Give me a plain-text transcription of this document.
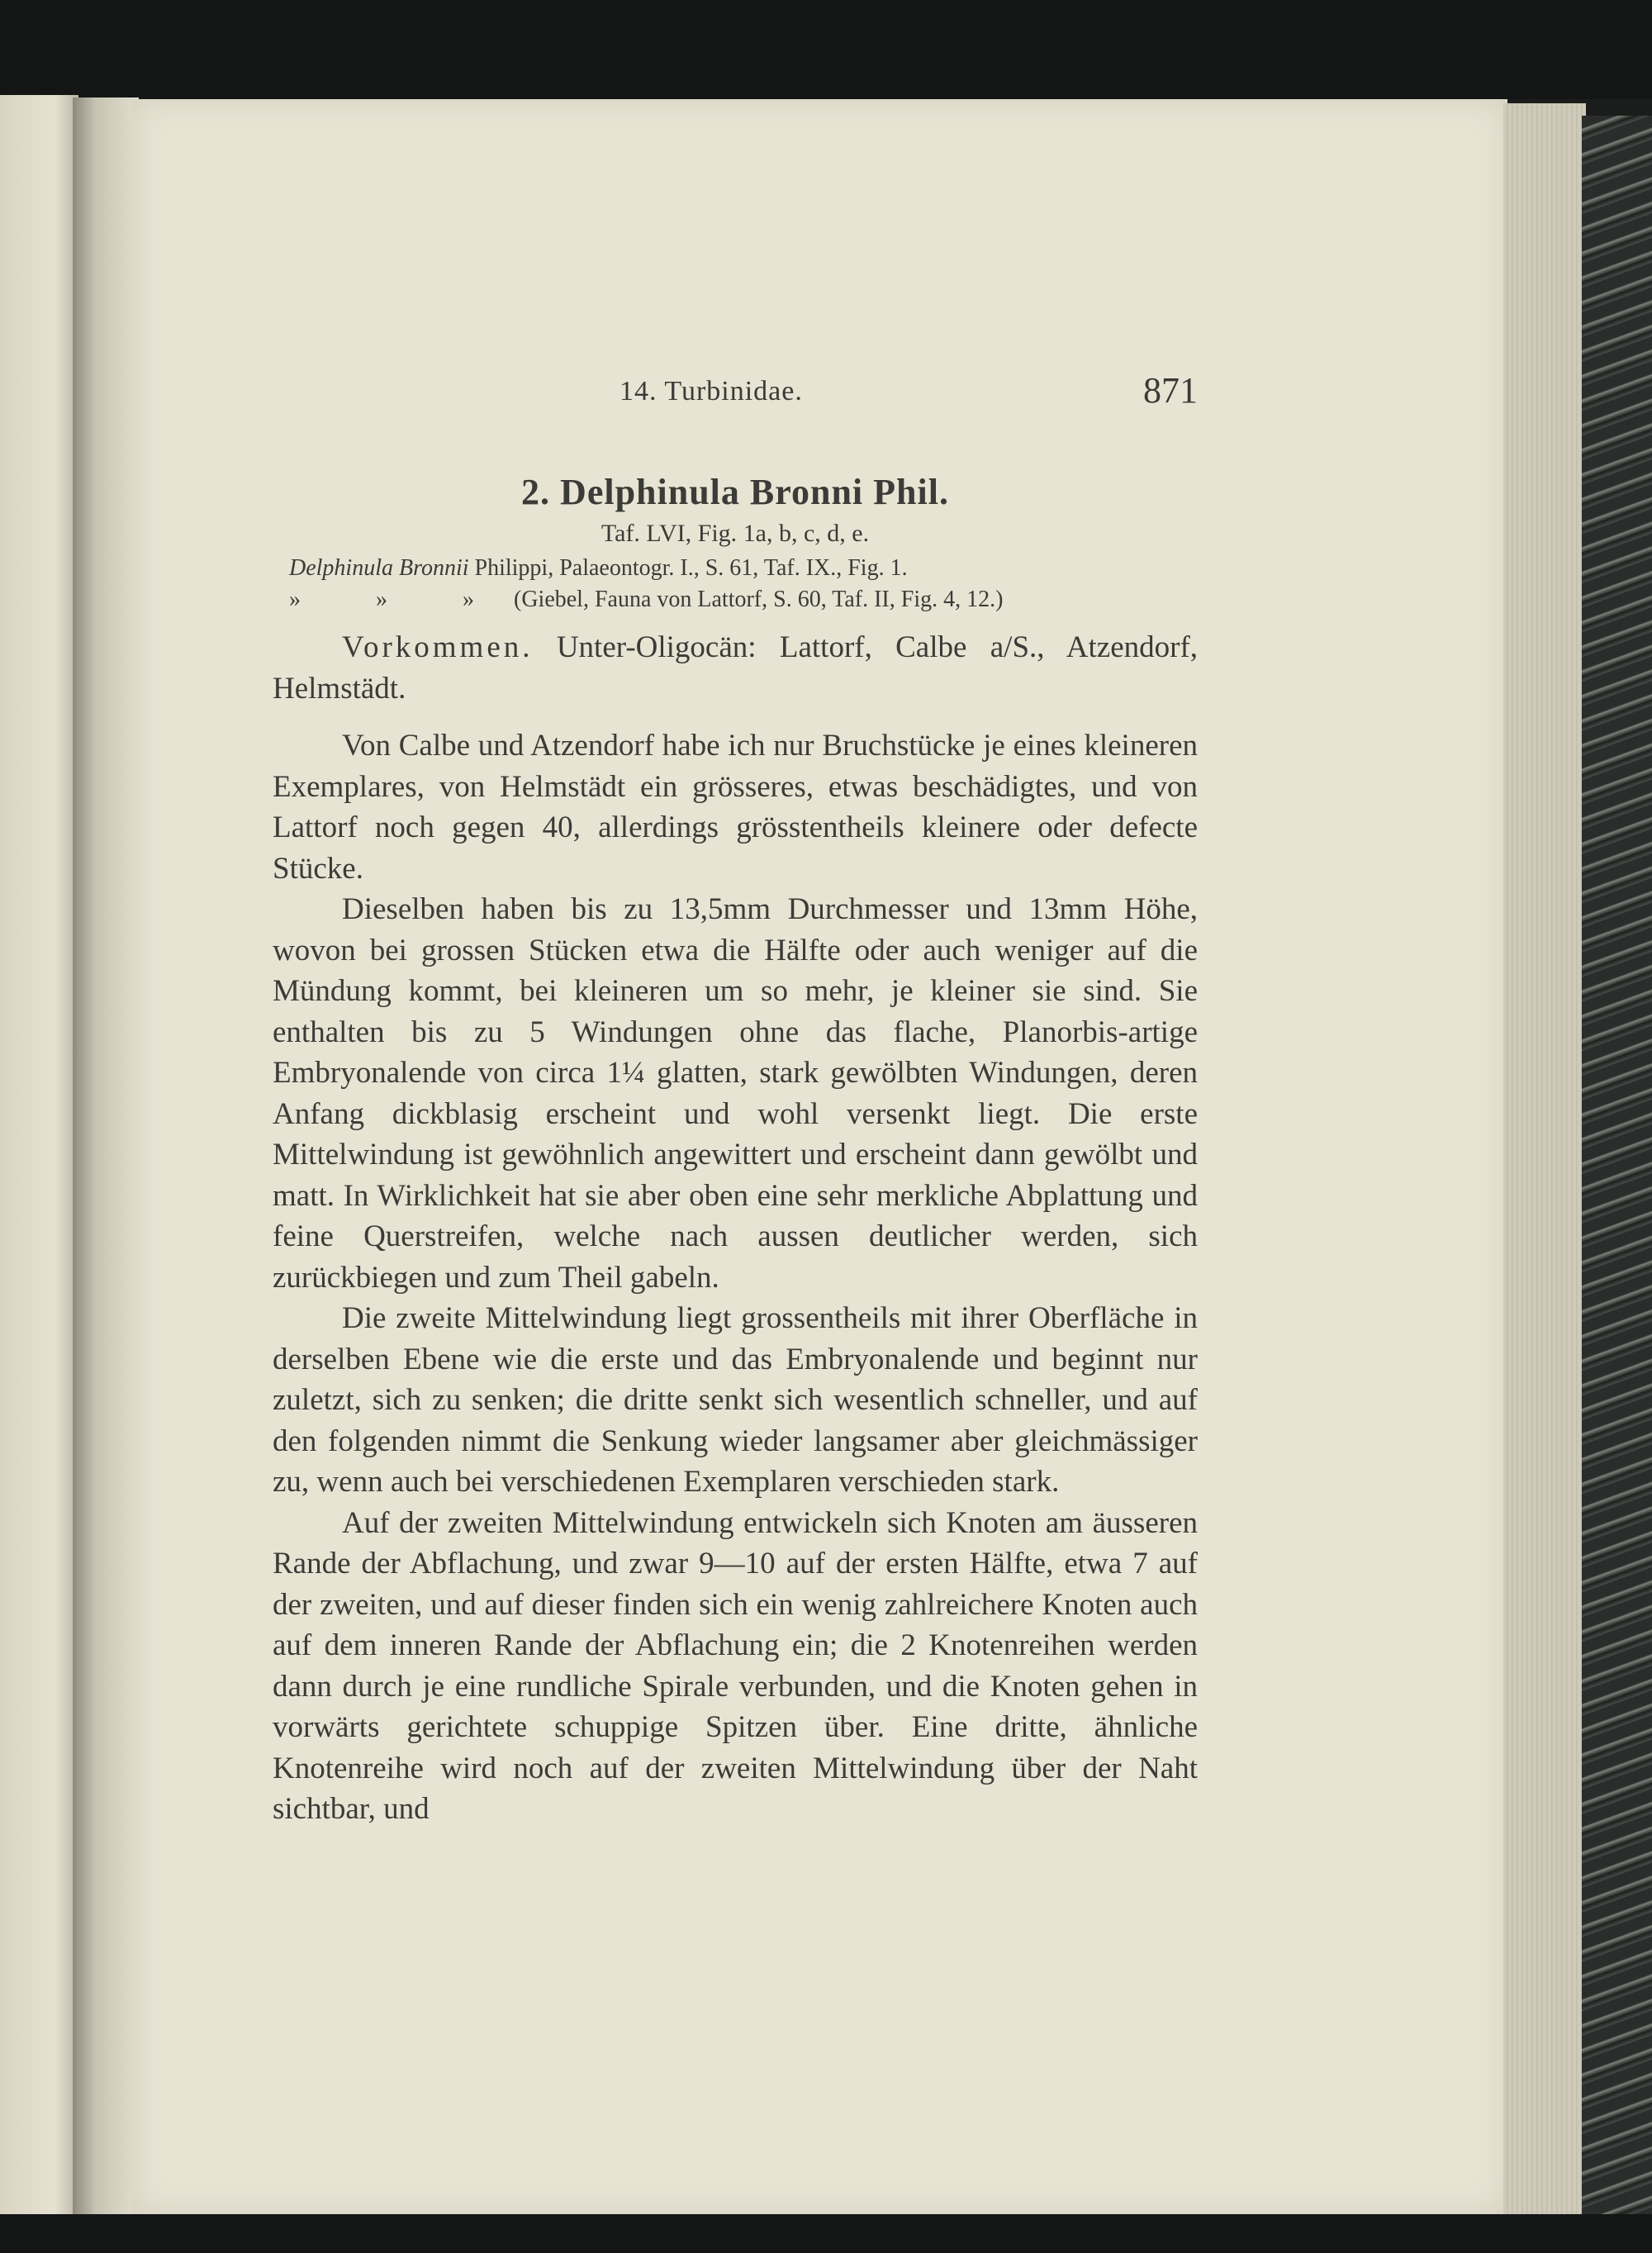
14. Turbinidae.	871
2. Delphinula Bronni Phil.

Taf. LVI, Fig. 1a, b, c, d, e.

Delphinula Bronnii Philippi, Palaeontogr. I., S. 61, Taf. IX., Fig. 1.

»	»	» (Giebel, Fauna von Lattorf, S. 60, Taf. II, Fig. 4, 12.)

Vorkommen. Unter-Oligocän: Lattorf, Calbe a/S., Atzendorf, Helmstädt.

Von Calbe und Atzendorf habe ich nur Bruchstücke je eines kleineren Exemplares, von Helmstädt ein grösseres, etwas beschädigtes, und von Lattorf noch gegen 40, allerdings grösstentheils kleinere oder defecte Stücke.

Dieselben haben bis zu 13,5mm Durchmesser und 13mm Höhe, wovon bei grossen Stücken etwa die Hälfte oder auch weniger auf die Mündung kommt, bei kleineren um so mehr, je kleiner sie sind. Sie enthalten bis zu 5 Windungen ohne das flache, Planorbis-artige Embryonalende von circa 1¼ glatten, stark gewölbten Windungen, deren Anfang dickblasig erscheint und wohl versenkt liegt. Die erste Mittelwindung ist gewöhnlich angewittert und erscheint dann gewölbt und matt. In Wirklichkeit hat sie aber oben eine sehr merkliche Abplattung und feine Querstreifen, welche nach aussen deutlicher werden, sich zurückbiegen und zum Theil gabeln.

Die zweite Mittelwindung liegt grossentheils mit ihrer Oberfläche in derselben Ebene wie die erste und das Embryonalende und beginnt nur zuletzt, sich zu senken; die dritte senkt sich wesentlich schneller, und auf den folgenden nimmt die Senkung wieder langsamer aber gleichmässiger zu, wenn auch bei verschiedenen Exemplaren verschieden stark.

Auf der zweiten Mittelwindung entwickeln sich Knoten am äusseren Rande der Abflachung, und zwar 9—10 auf der ersten Hälfte, etwa 7 auf der zweiten, und auf dieser finden sich ein wenig zahlreichere Knoten auch auf dem inneren Rande der Abflachung ein; die 2 Knotenreihen werden dann durch je eine rundliche Spirale verbunden, und die Knoten gehen in vorwärts gerichtete schuppige Spitzen über. Eine dritte, ähnliche Knotenreihe wird noch auf der zweiten Mittelwindung über der Naht sichtbar, und
